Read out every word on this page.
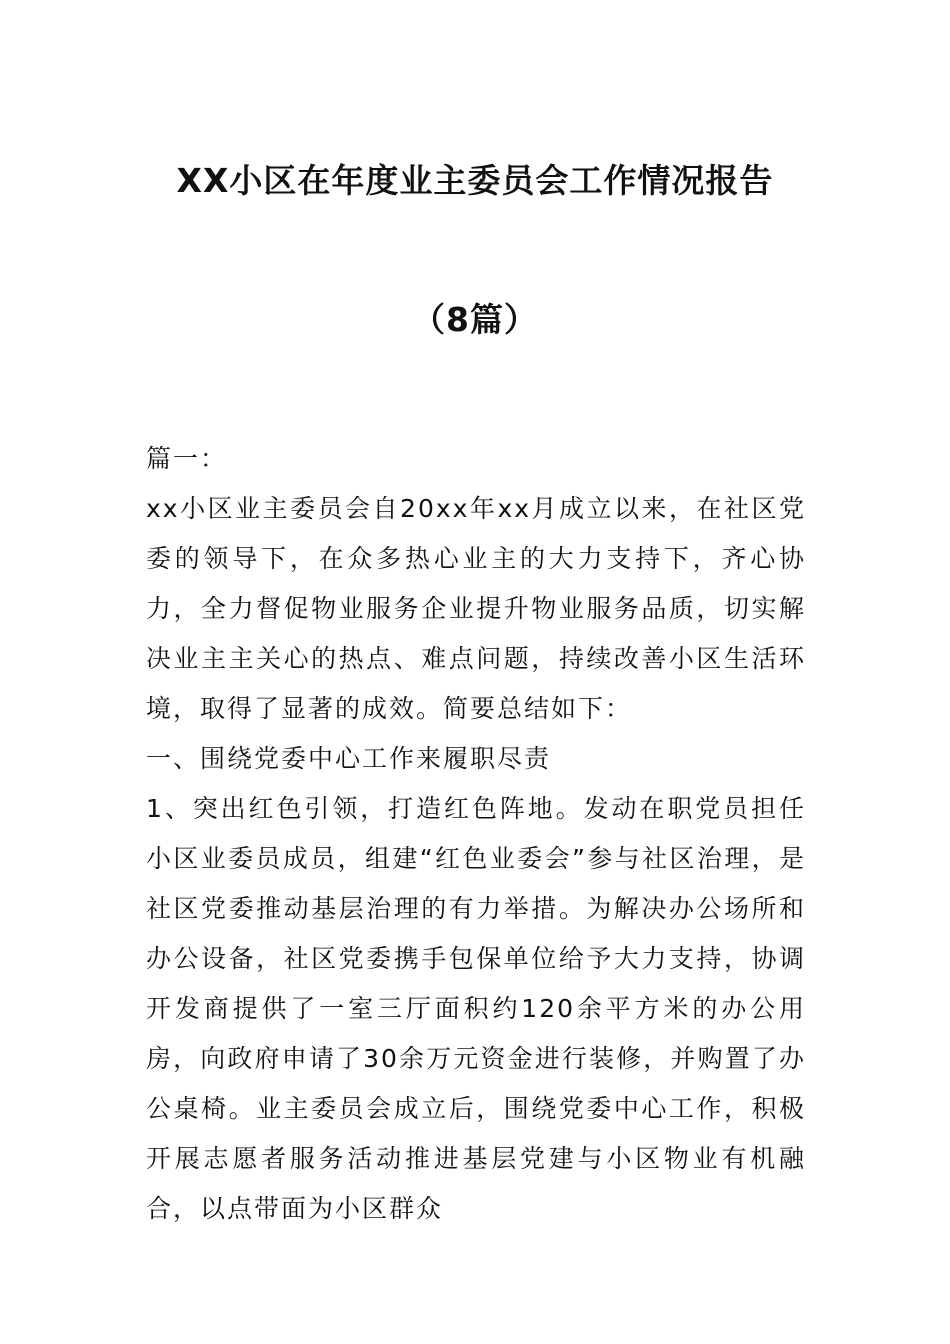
XX小区在年度业主委员会工作情况报告
（8篇）

篇一：

xx小区业主委员会自20xx年xx月成立以来，在社区党委的领导下，在众多热心业主的大力支持下，齐心协力，全力督促物业服务企业提升物业服务品质，切实解决业主主关心的热点、难点问题，持续改善小区生活环境，取得了显著的成效。简要总结如下：

一、围绕党委中心工作来履职尽责

1、突出红色引领，打造红色阵地。发动在职党员担任小区业委员成员，组建“红色业委会”参与社区治理，是社区党委推动基层治理的有力举措。为解决办公场所和办公设备，社区党委携手包保单位给予大力支持，协调开发商提供了一室三厅面积约120余平方米的办公用房，向政府申请了30余万元资金进行装修，并购置了办公桌椅。业主委员会成立后，围绕党委中心工作，积极开展志愿者服务活动推进基层党建与小区物业有机融合，以点带面为小区群众
